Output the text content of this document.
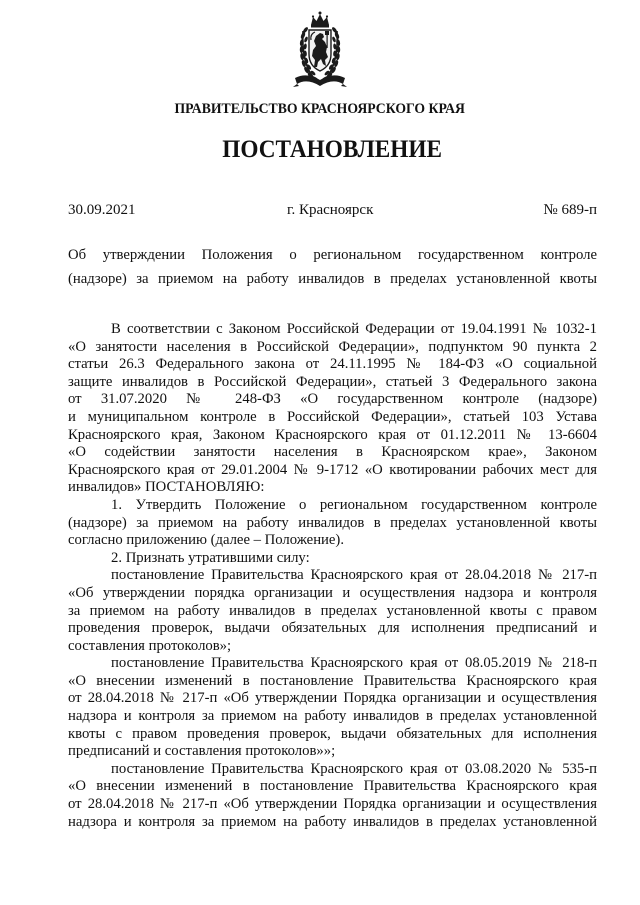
ПРАВИТЕЛЬСТВО КРАСНОЯРСКОГО КРАЯ
ПОСТАНОВЛЕНИЕ
30.09.2021	г. Красноярск	№ 689-п
Об утверждении Положения о региональном государственном контроле
(надзоре) за приемом на работу инвалидов в пределах установленной квоты
В соответствии с Законом Российской Федерации от 19.04.1991 № 1032-1
«О занятости населения в Российской Федерации», подпунктом 90 пункта 2
статьи 26.3 Федерального закона от 24.11.1995 № 184-ФЗ «О социальной
защите инвалидов в Российской Федерации», статьей 3 Федерального закона
от 31.07.2020 № 248-ФЗ «О государственном контроле (надзоре)
и муниципальном контроле в Российской Федерации», статьей 103 Устава
Красноярского края, Законом Красноярского края от 01.12.2011 № 13-6604
«О содействии занятости населения в Красноярском крае», Законом
Красноярского края от 29.01.2004 № 9-1712 «О квотировании рабочих мест для
инвалидов» ПОСТАНОВЛЯЮ:
1. Утвердить Положение о региональном государственном контроле
(надзоре) за приемом на работу инвалидов в пределах установленной квоты
согласно приложению (далее – Положение).
2. Признать утратившими силу:
постановление Правительства Красноярского края от 28.04.2018 № 217-п
«Об утверждении порядка организации и осуществления надзора и контроля
за приемом на работу инвалидов в пределах установленной квоты с правом
проведения проверок, выдачи обязательных для исполнения предписаний и
составления протоколов»;
постановление Правительства Красноярского края от 08.05.2019 № 218-п
«О внесении изменений в постановление Правительства Красноярского края
от 28.04.2018 № 217-п «Об утверждении Порядка организации и осуществления
надзора и контроля за приемом на работу инвалидов в пределах установленной
квоты с правом проведения проверок, выдачи обязательных для исполнения
предписаний и составления протоколов»»;
постановление Правительства Красноярского края от 03.08.2020 № 535-п
«О внесении изменений в постановление Правительства Красноярского края
от 28.04.2018 № 217-п «Об утверждении Порядка организации и осуществления
надзора и контроля за приемом на работу инвалидов в пределах установленной
